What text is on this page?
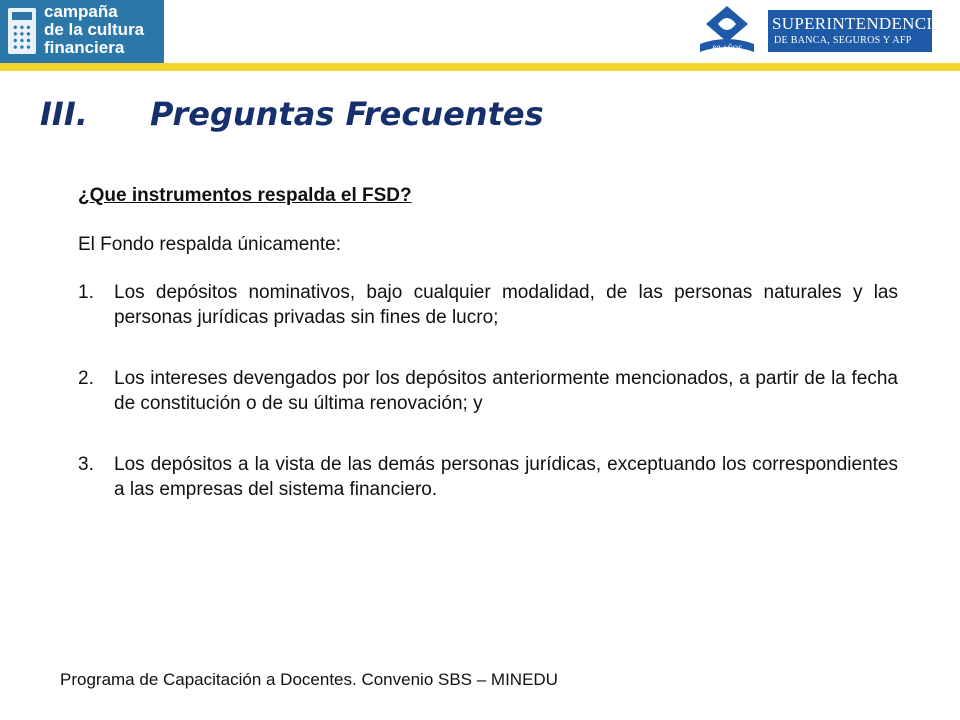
campaña
de la cultura
financiera	80 AÑOS
SUPERINTENDENCIA
DE BANCA, SEGUROS Y AFP
III. Preguntas Frecuentes

¿Que instrumentos respalda el FSD?

El Fondo respalda únicamente:

1. Los depósitos nominativos, bajo cualquier modalidad, de las personas naturales y las personas jurídicas privadas sin fines de lucro;
2. Los intereses devengados por los depósitos anteriormente mencionados, a partir de la fecha de constitución o de su última renovación; y
3. Los depósitos a la vista de las demás personas jurídicas, exceptuando los correspondientes a las empresas del sistema financiero.
Programa de Capacitación a Docentes. Convenio SBS – MINEDU
